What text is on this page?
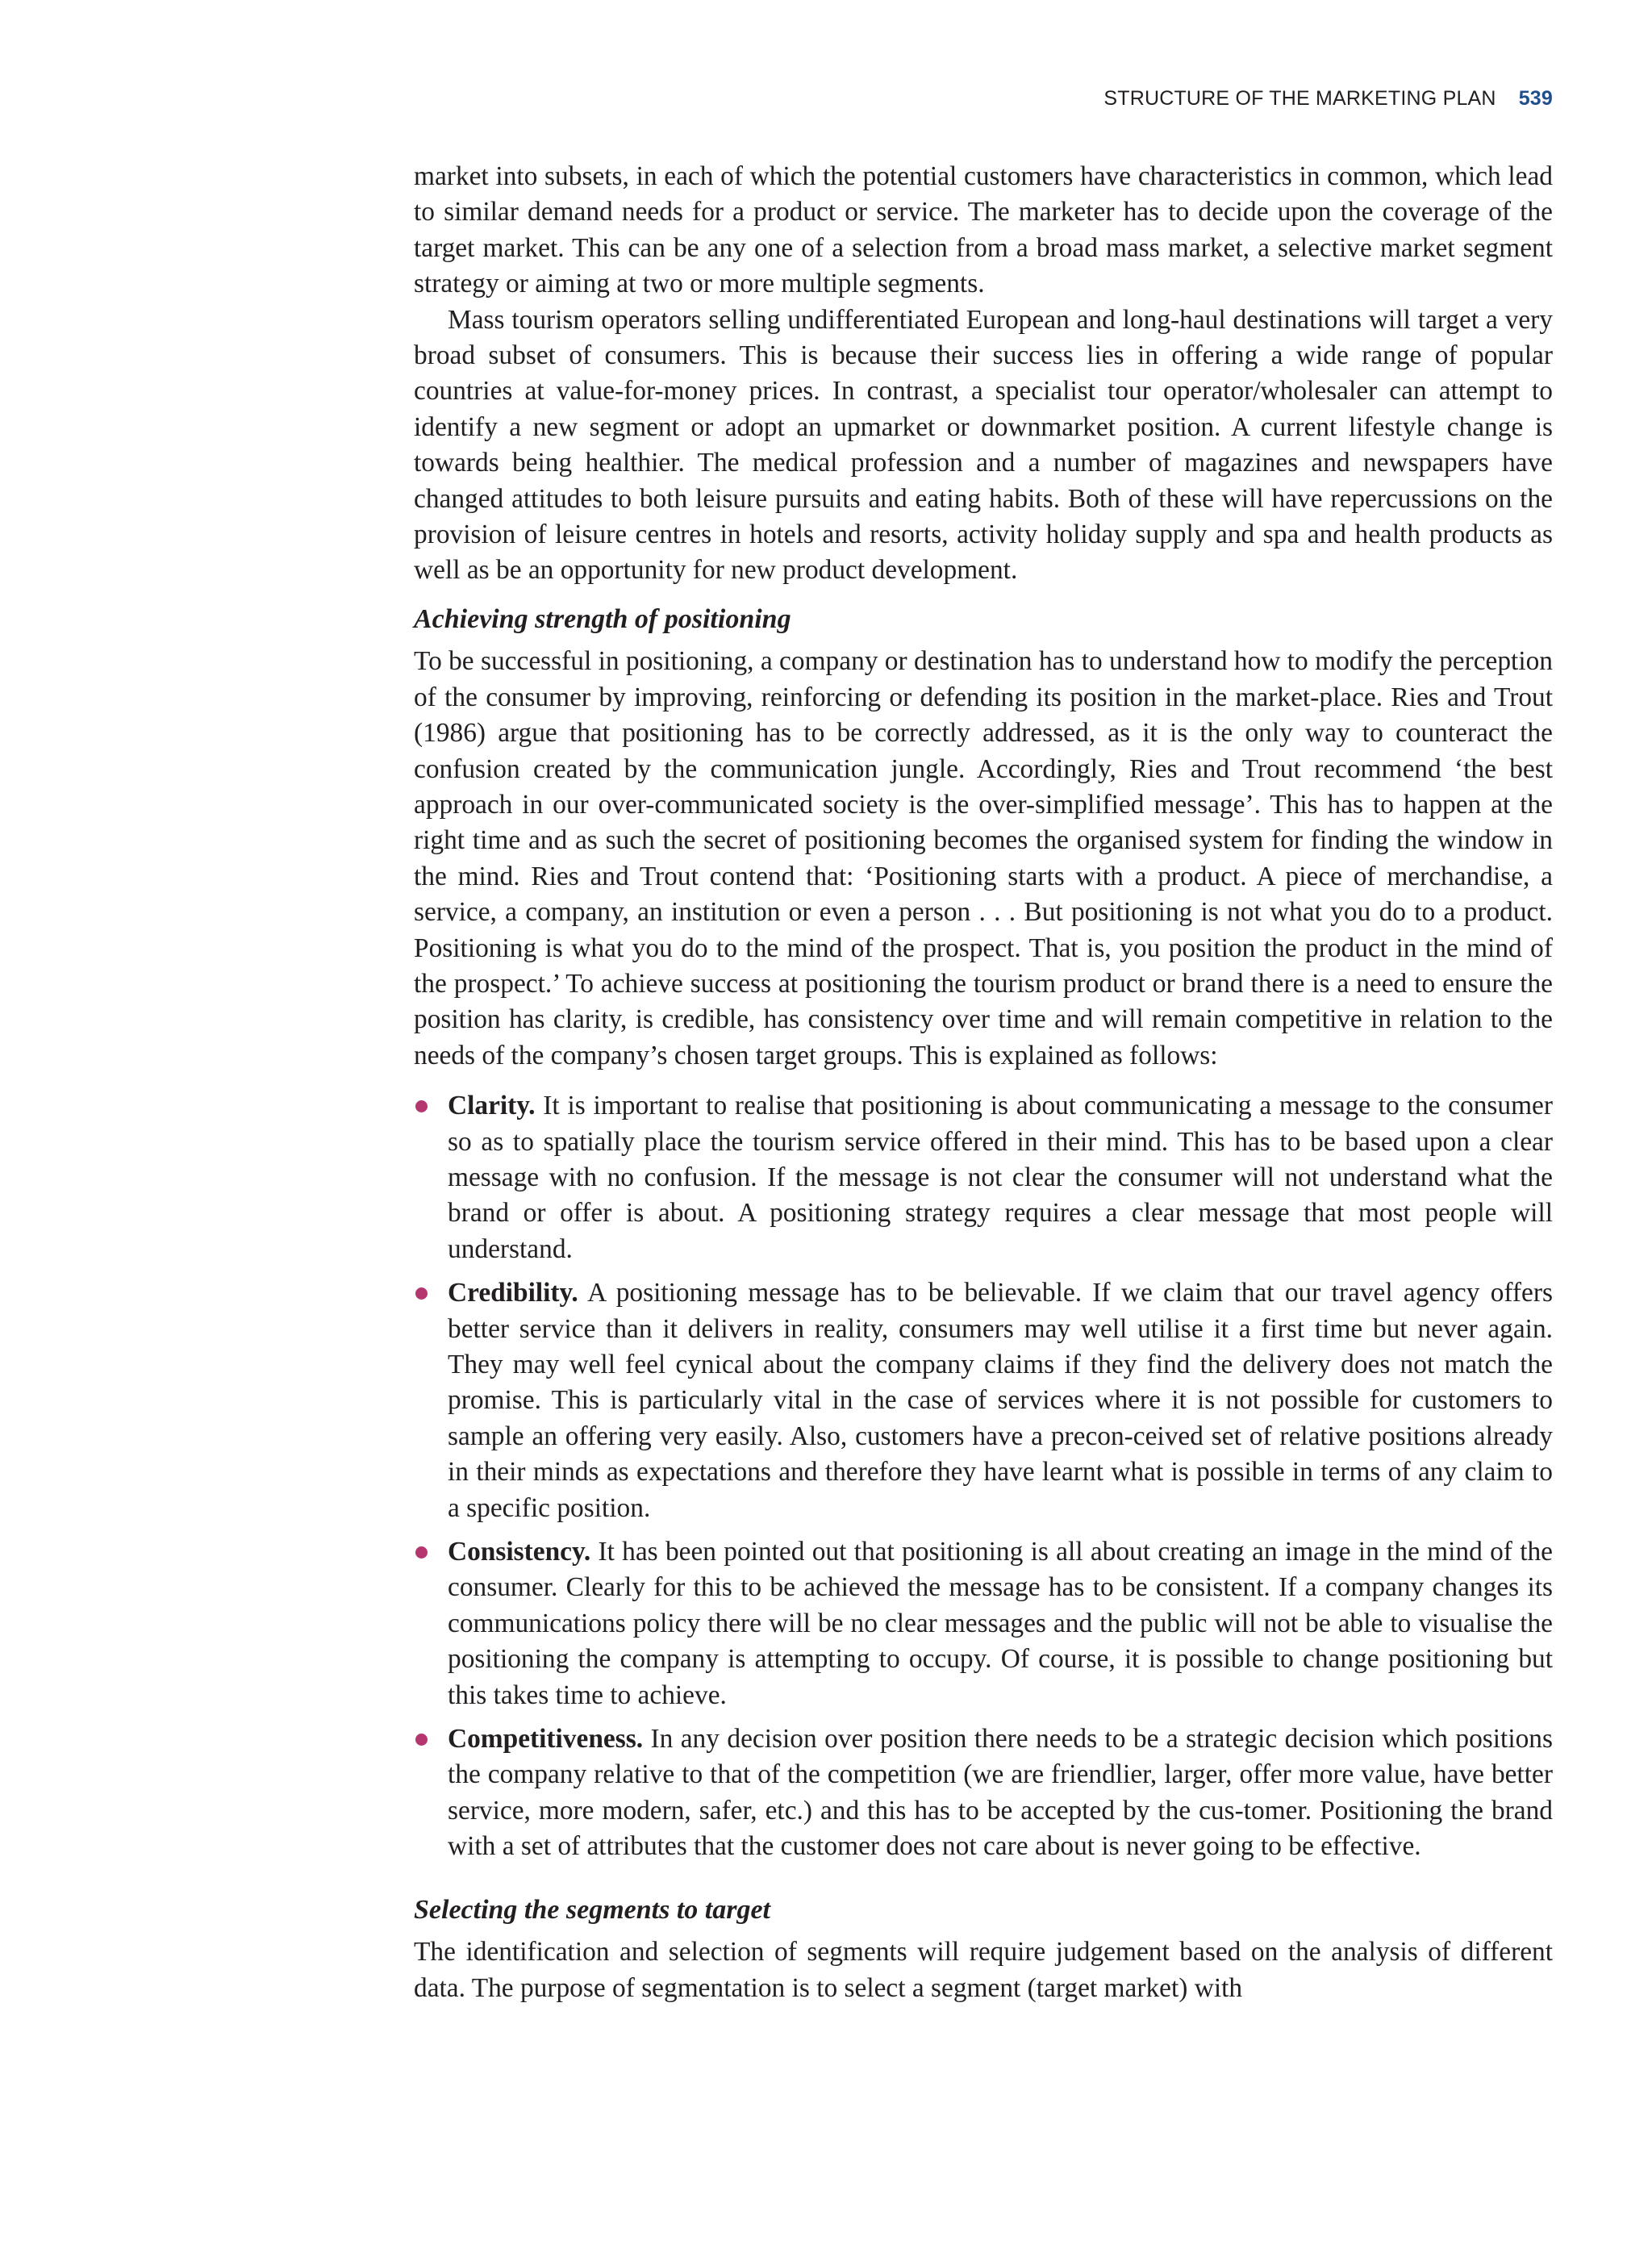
STRUCTURE OF THE MARKETING PLAN 539

market into subsets, in each of which the potential customers have characteristics in common, which lead to similar demand needs for a product or service. The marketer has to decide upon the coverage of the target market. This can be any one of a selection from a broad mass market, a selective market segment strategy or aiming at two or more multiple segments.

Mass tourism operators selling undifferentiated European and long-haul destinations will target a very broad subset of consumers. This is because their success lies in offering a wide range of popular countries at value-for-money prices. In contrast, a specialist tour operator/wholesaler can attempt to identify a new segment or adopt an upmarket or downmarket position. A current lifestyle change is towards being healthier. The medical profession and a number of magazines and newspapers have changed attitudes to both leisure pursuits and eating habits. Both of these will have repercussions on the provision of leisure centres in hotels and resorts, activity holiday supply and spa and health products as well as be an opportunity for new product development.

Achieving strength of positioning

To be successful in positioning, a company or destination has to understand how to modify the perception of the consumer by improving, reinforcing or defending its position in the market-place. Ries and Trout (1986) argue that positioning has to be correctly addressed, as it is the only way to counteract the confusion created by the communication jungle. Accordingly, Ries and Trout recommend ‘the best approach in our over-communicated society is the over-simplified message’. This has to happen at the right time and as such the secret of positioning becomes the organised system for finding the window in the mind. Ries and Trout contend that: ‘Positioning starts with a product. A piece of merchandise, a service, a company, an institution or even a person . . . But positioning is not what you do to a product. Positioning is what you do to the mind of the prospect. That is, you position the product in the mind of the prospect.’ To achieve success at positioning the tourism product or brand there is a need to ensure the position has clarity, is credible, has consistency over time and will remain competitive in relation to the needs of the company’s chosen target groups. This is explained as follows:

Clarity. It is important to realise that positioning is about communicating a message to the consumer so as to spatially place the tourism service offered in their mind. This has to be based upon a clear message with no confusion. If the message is not clear the consumer will not understand what the brand or offer is about. A positioning strategy requires a clear message that most people will understand.
Credibility. A positioning message has to be believable. If we claim that our travel agency offers better service than it delivers in reality, consumers may well utilise it a first time but never again. They may well feel cynical about the company claims if they find the delivery does not match the promise. This is particularly vital in the case of services where it is not possible for customers to sample an offering very easily. Also, customers have a precon-ceived set of relative positions already in their minds as expectations and therefore they have learnt what is possible in terms of any claim to a specific position.
Consistency. It has been pointed out that positioning is all about creating an image in the mind of the consumer. Clearly for this to be achieved the message has to be consistent. If a company changes its communications policy there will be no clear messages and the public will not be able to visualise the positioning the company is attempting to occupy. Of course, it is possible to change positioning but this takes time to achieve.
Competitiveness. In any decision over position there needs to be a strategic decision which positions the company relative to that of the competition (we are friendlier, larger, offer more value, have better service, more modern, safer, etc.) and this has to be accepted by the cus-tomer. Positioning the brand with a set of attributes that the customer does not care about is never going to be effective.
Selecting the segments to target

The identification and selection of segments will require judgement based on the analysis of different data. The purpose of segmentation is to select a segment (target market) with
